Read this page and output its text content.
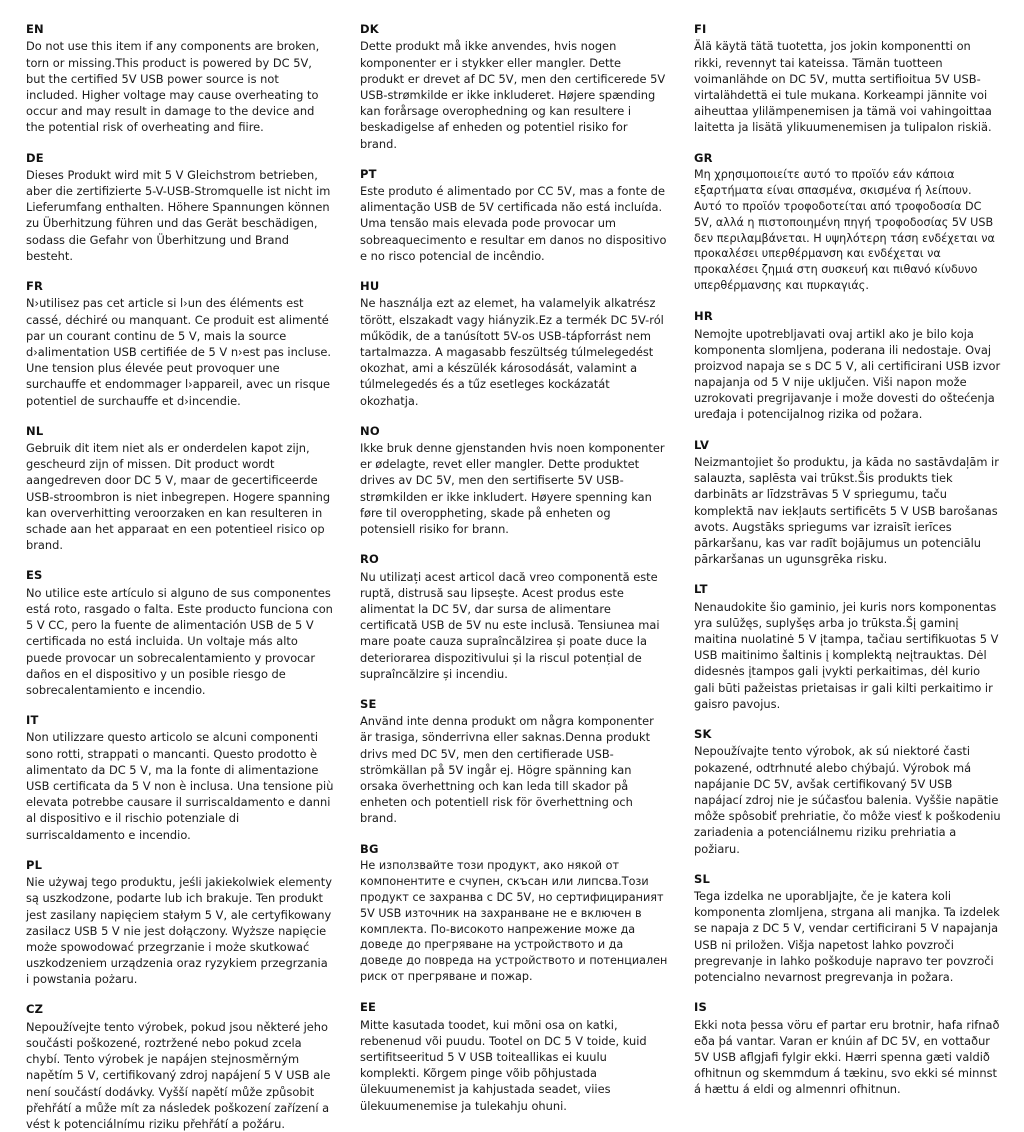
EN

Do not use this item if any components are broken, torn or missing.This product is powered by DC 5V, but the certified 5V USB power source is not included. Higher voltage may cause overheating to occur and may result in damage to the device and the potential risk of overheating and fiire.

DE

Dieses Produkt wird mit 5 V Gleichstrom betrieben, aber die zertifizierte 5-V-USB-Stromquelle ist nicht im Lieferumfang enthalten. Höhere Spannungen können zu Überhitzung führen und das Gerät beschädigen, sodass die Gefahr von Überhitzung und Brand besteht.

FR

N›utilisez pas cet article si l›un des éléments est cassé, déchiré ou manquant. Ce produit est alimenté par un courant continu de 5 V, mais la source d›alimentation USB certifiée de 5 V n›est pas incluse. Une tension plus élevée peut provoquer une surchauffe et endommager l›appareil, avec un risque potentiel de surchauffe et d›incendie.

NL

Gebruik dit item niet als er onderdelen kapot zijn, gescheurd zijn of missen. Dit product wordt aangedreven door DC 5 V, maar de gecertificeerde USB-stroombron is niet inbegrepen. Hogere spanning kan oververhitting veroorzaken en kan resulteren in schade aan het apparaat en een potentieel risico op brand.

ES

No utilice este artículo si alguno de sus componentes está roto, rasgado o falta. Este producto funciona con 5 V CC, pero la fuente de alimentación USB de 5 V certificada no está incluida. Un voltaje más alto puede provocar un sobrecalentamiento y provocar daños en el dispositivo y un posible riesgo de sobrecalentamiento e incendio.

IT

Non utilizzare questo articolo se alcuni componenti sono rotti, strappati o mancanti. Questo prodotto è alimentato da DC 5 V, ma la fonte di alimentazione USB certificata da 5 V non è inclusa. Una tensione più elevata potrebbe causare il surriscaldamento e danni al dispositivo e il rischio potenziale di surriscaldamento e incendio.

PL

Nie używaj tego produktu, jeśli jakiekolwiek elementy są uszkodzone, podarte lub ich brakuje. Ten produkt jest zasilany napięciem stałym 5 V, ale certyfikowany zasilacz USB 5 V nie jest dołączony. Wyższe napięcie może spowodować przegrzanie i może skutkować uszkodzeniem urządzenia oraz ryzykiem przegrzania i powstania pożaru.

CZ

Nepoužívejte tento výrobek, pokud jsou některé jeho součásti poškozené, roztržené nebo pokud zcela chybí. Tento výrobek je napájen stejnosměrným napětím 5 V, certifikovaný zdroj napájení 5 V USB ale není součástí dodávky. Vyšší napětí může způsobit přehřátí a může mít za následek poškození zařízení a vést k potenciálnímu riziku přehřátí a požáru.

DK

Dette produkt må ikke anvendes, hvis nogen komponenter er i stykker eller mangler. Dette produkt er drevet af DC 5V, men den certificerede 5V USB-strømkilde er ikke inkluderet. Højere spænding kan forårsage overophedning og kan resultere i beskadigelse af enheden og potentiel risiko for brand.

PT

Este produto é alimentado por CC 5V, mas a fonte de alimentação USB de 5V certificada não está incluída. Uma tensão mais elevada pode provocar um sobreaquecimento e resultar em danos no dispositivo e no risco potencial de incêndio.

HU

Ne használja ezt az elemet, ha valamelyik alkatrész törött, elszakadt vagy hiányzik.Ez a termék DC 5V-ról működik, de a tanúsított 5V-os USB-tápforrást nem tartalmazza. A magasabb feszültség túlmelegedést okozhat, ami a készülék károsodását, valamint a túlmelegedés és a tűz esetleges kockázatát okozhatja.

NO

Ikke bruk denne gjenstanden hvis noen komponenter er ødelagte, revet eller mangler. Dette produktet drives av DC 5V, men den sertifiserte 5V USB-strømkilden er ikke inkludert. Høyere spenning kan føre til overoppheting, skade på enheten og potensiell risiko for brann.

RO

Nu utilizați acest articol dacă vreo componentă este ruptă, distrusă sau lipsește. Acest produs este alimentat la DC 5V, dar sursa de alimentare certificată USB de 5V nu este inclusă. Tensiunea mai mare poate cauza supraîncălzirea și poate duce la deteriorarea dispozitivului și la riscul potențial de supraîncălzire și incendiu.

SE

Använd inte denna produkt om några komponenter är trasiga, sönderrivna eller saknas.Denna produkt drivs med DC 5V, men den certifierade USB-strömkällan på 5V ingår ej. Högre spänning kan orsaka överhettning och kan leda till skador på enheten och potentiell risk för överhettning och brand.

BG

Не използвайте този продукт, ако някой от компонентите е счупен, скъсан или липсва.Този продукт се захранва с DC 5V, но сертифицираният 5V USB източник на захранване не е включен в комплекта. По-високото напрежение може да доведе до прегряване на устройството и да доведе до повреда на устройството и потенциален риск от прегряване и пожар.

EE

Mitte kasutada toodet, kui mõni osa on katki, rebenenud või puudu. Tootel on DC 5 V toide, kuid sertifitseeritud 5 V USB toiteallikas ei kuulu komplekti. Kõrgem pinge võib põhjustada ülekuumenemist ja kahjustada seadet, viies ülekuumenemise ja tulekahju ohuni.

FI

Älä käytä tätä tuotetta, jos jokin komponentti on rikki, revennyt tai kateissa. Tämän tuotteen voimanlähde on DC 5V, mutta sertifioitua 5V USB-virtalähdettä ei tule mukana. Korkeampi jännite voi aiheuttaa ylilämpenemisen ja tämä voi vahingoittaa laitetta ja lisätä ylikuumenemisen ja tulipalon riskiä.

GR

Μη χρησιμοποιείτε αυτό το προϊόν εάν κάποια εξαρτήματα είναι σπασμένα, σκισμένα ή λείπουν. Αυτό το προϊόν τροφοδοτείται από τροφοδοσία DC 5V, αλλά η πιστοποιημένη πηγή τροφοδοσίας 5V USB δεν περιλαμβάνεται. Η υψηλότερη τάση ενδέχεται να προκαλέσει υπερθέρμανση και ενδέχεται να προκαλέσει ζημιά στη συσκευή και πιθανό κίνδυνο υπερθέρμανσης και πυρκαγιάς.

HR

Nemojte upotrebljavati ovaj artikl ako je bilo koja komponenta slomljena, poderana ili nedostaje. Ovaj proizvod napaja se s DC 5 V, ali certificirani USB izvor napajanja od 5 V nije uključen. Viši napon može uzrokovati pregrijavanje i može dovesti do oštećenja uređaja i potencijalnog rizika od požara.

LV

Neizmantojiet šo produktu, ja kāda no sastāvdaļām ir salauzta, saplēsta vai trūkst.Šis produkts tiek darbināts ar līdzstrāvas 5 V spriegumu, taču komplektā nav iekļauts sertificēts 5 V USB barošanas avots. Augstāks spriegums var izraisīt ierīces pārkaršanu, kas var radīt bojājumus un potenciālu pārkaršanas un ugunsgrēka risku.

LT

Nenaudokite šio gaminio, jei kuris nors komponentas yra sulūžęs, suplyšęs arba jo trūksta.Šį gaminį maitina nuolatinė 5 V įtampa, tačiau sertifikuotas 5 V USB maitinimo šaltinis į komplektą neįtrauktas. Dėl didesnės įtampos gali įvykti perkaitimas, dėl kurio gali būti pažeistas prietaisas ir gali kilti perkaitimo ir gaisro pavojus.

SK

Nepoužívajte tento výrobok, ak sú niektoré časti pokazené, odtrhnuté alebo chýbajú. Výrobok má napájanie DC 5V, avšak certifikovaný 5V USB napájací zdroj nie je súčasťou balenia. Vyššie napätie môže spôsobiť prehriatie, čo môže viesť k poškodeniu zariadenia a potenciálnemu riziku prehriatia a požiaru.

SL

Tega izdelka ne uporabljajte, če je katera koli komponenta zlomljena, strgana ali manjka. Ta izdelek se napaja z DC 5 V, vendar certificirani 5 V napajanja USB ni priložen. Višja napetost lahko povzroči pregrevanje in lahko poškoduje napravo ter povzroči potencialno nevarnost pregrevanja in požara.

IS

Ekki nota þessa vöru ef partar eru brotnir, hafa rifnað eða þá vantar. Varan er knúin af DC 5V, en vottaður 5V USB aflgjafi fylgir ekki. Hærri spenna gæti valdið ofhitnun og skemmdum á tækinu, svo ekki sé minnst á hættu á eldi og almennri ofhitnun.
